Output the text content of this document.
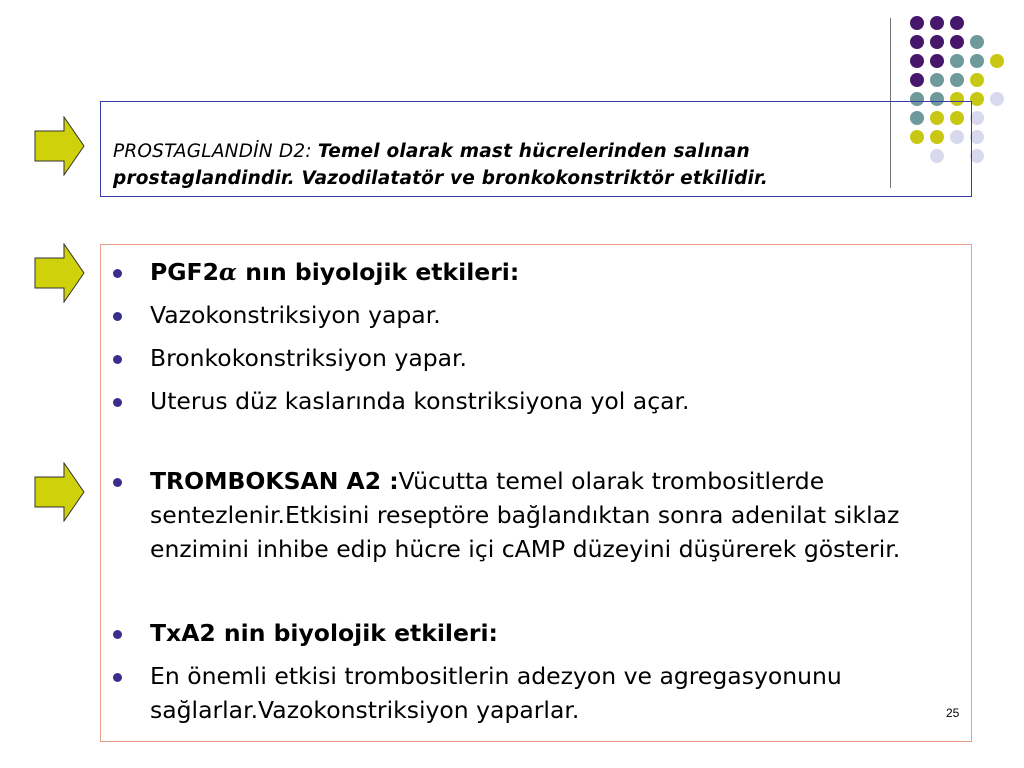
PROSTAGLANDİN D2: Temel olarak mast hücrelerinden salınan prostaglandindir. Vazodilatatör ve bronkokonstriktör etkilidir.
PGF2α nın biyolojik etkileri:
Vazokonstriksiyon yapar.
Bronkokonstriksiyon yapar.
Uterus düz kaslarında konstriksiyona yol açar.
TROMBOKSAN A2 :Vücutta temel olarak trombositlerde sentezlenir.Etkisini reseptöre bağlandıktan sonra adenilat siklaz enzimini inhibe edip hücre içi cAMP düzeyini düşürerek gösterir.
TxA2 nin biyolojik etkileri:
En önemli etkisi trombositlerin adezyon ve agregasyonunu sağlarlar.Vazokonstriksiyon yaparlar.	25
